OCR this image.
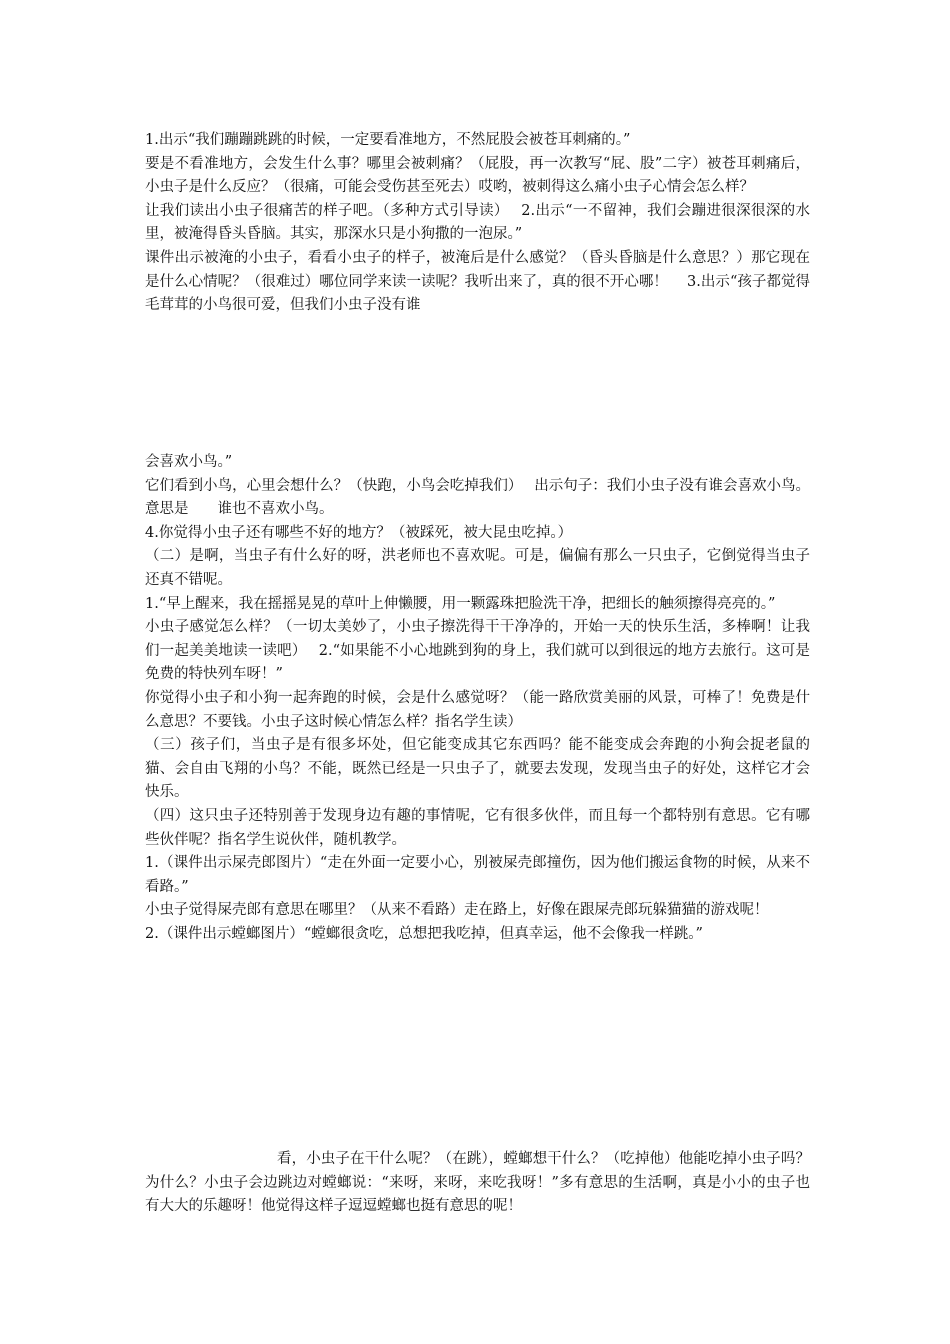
1.出示“我们蹦蹦跳跳的时候，一定要看准地方，不然屁股会被苍耳刺痛的。”

要是不看准地方，会发生什么事？哪里会被刺痛？（屁股，再一次教写“屁、股”二字）被苍耳刺痛后，小虫子是什么反应？（很痛，可能会受伤甚至死去）哎哟，被刺得这么痛小虫子心情会怎么样？

让我们读出小虫子很痛苦的样子吧。（多种方式引导读）　 2.出示“一不留神，我们会蹦进很深很深的水里，被淹得昏头昏脑。其实，那深水只是小狗撒的一泡尿。”

课件出示被淹的小虫子，看看小虫子的样子，被淹后是什么感觉？（昏头昏脑是什么意思？）那它现在是什么心情呢？（很难过）哪位同学来读一读呢？我听出来了，真的很不开心哪！　 3.出示“孩子都觉得毛茸茸的小鸟很可爱，但我们小虫子没有谁

会喜欢小鸟。”

它们看到小鸟，心里会想什么？（快跑，小鸟会吃掉我们）　 出示句子：我们小虫子没有谁会喜欢小鸟。意思是　　谁也不喜欢小鸟。

4.你觉得小虫子还有哪些不好的地方？（被踩死，被大昆虫吃掉。）

（二）是啊，当虫子有什么好的呀，洪老师也不喜欢呢。可是，偏偏有那么一只虫子，它倒觉得当虫子还真不错呢。

1.“早上醒来，我在摇摇晃晃的草叶上伸懒腰，用一颗露珠把脸洗干净，把细长的触须擦得亮亮的。”

小虫子感觉怎么样？（一切太美妙了，小虫子擦洗得干干净净的，开始一天的快乐生活，多棒啊！让我们一起美美地读一读吧）　 2.“如果能不小心地跳到狗的身上，我们就可以到很远的地方去旅行。这可是免费的特快列车呀！”

你觉得小虫子和小狗一起奔跑的时候，会是什么感觉呀？（能一路欣赏美丽的风景，可棒了！免费是什么意思？不要钱。小虫子这时候心情怎么样？指名学生读）

（三）孩子们，当虫子是有很多坏处，但它能变成其它东西吗？能不能变成会奔跑的小狗会捉老鼠的猫、会自由飞翔的小鸟？不能，既然已经是一只虫子了，就要去发现，发现当虫子的好处，这样它才会快乐。

（四）这只虫子还特别善于发现身边有趣的事情呢，它有很多伙伴，而且每一个都特别有意思。它有哪些伙伴呢？指名学生说伙伴，随机教学。

1.（课件出示屎壳郎图片）“走在外面一定要小心，别被屎壳郎撞伤，因为他们搬运食物的时候，从来不看路。”

小虫子觉得屎壳郎有意思在哪里？（从来不看路）走在路上，好像在跟屎壳郎玩躲猫猫的游戏呢！

2.（课件出示螳螂图片）“螳螂很贪吃，总想把我吃掉，但真幸运，他不会像我一样跳。”

看，小虫子在干什么呢？（在跳），螳螂想干什么？（吃掉他）他能吃掉小虫子吗？为什么？小虫子会边跳边对螳螂说：“来呀，来呀，来吃我呀！”多有意思的生活啊，真是小小的虫子也有大大的乐趣呀！他觉得这样子逗逗螳螂也挺有意思的呢！
